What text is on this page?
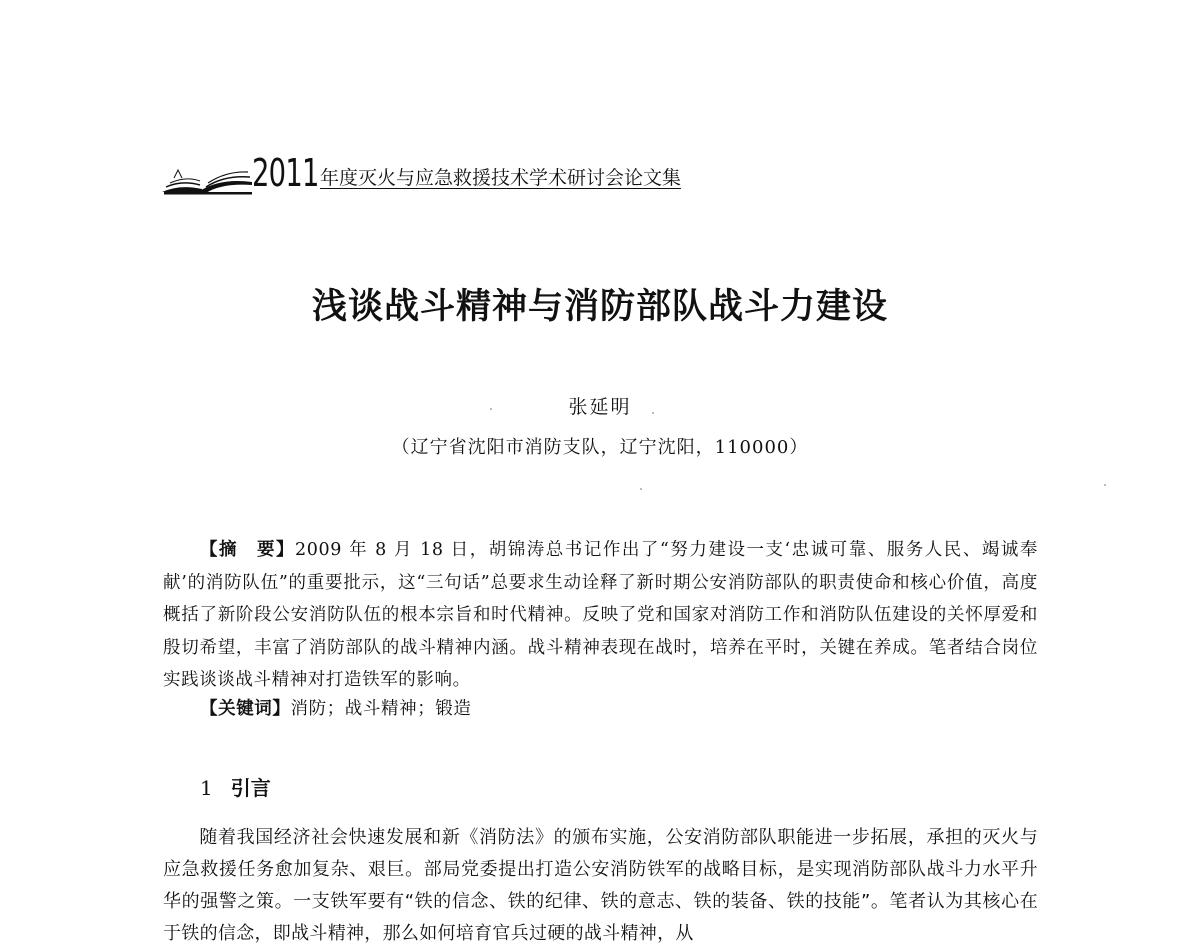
2011 年度灭火与应急救援技术学术研讨会论文集
浅谈战斗精神与消防部队战斗力建设
张延明
（辽宁省沈阳市消防支队，辽宁沈阳，110000）
【摘　要】2009 年 8 月 18 日，胡锦涛总书记作出了“努力建设一支‘忠诚可靠、服务人民、竭诚奉献’的消防队伍”的重要批示，这“三句话”总要求生动诠释了新时期公安消防部队的职责使命和核心价值，高度概括了新阶段公安消防队伍的根本宗旨和时代精神。反映了党和国家对消防工作和消防队伍建设的关怀厚爱和殷切希望，丰富了消防部队的战斗精神内涵。战斗精神表现在战时，培养在平时，关键在养成。笔者结合岗位实践谈谈战斗精神对打造铁军的影响。
【关键词】消防；战斗精神；锻造
1 引言
随着我国经济社会快速发展和新《消防法》的颁布实施，公安消防部队职能进一步拓展，承担的灭火与应急救援任务愈加复杂、艰巨。部局党委提出打造公安消防铁军的战略目标，是实现消防部队战斗力水平升华的强警之策。一支铁军要有“铁的信念、铁的纪律、铁的意志、铁的装备、铁的技能”。笔者认为其核心在于铁的信念，即战斗精神，那么如何培育官兵过硬的战斗精神，从
